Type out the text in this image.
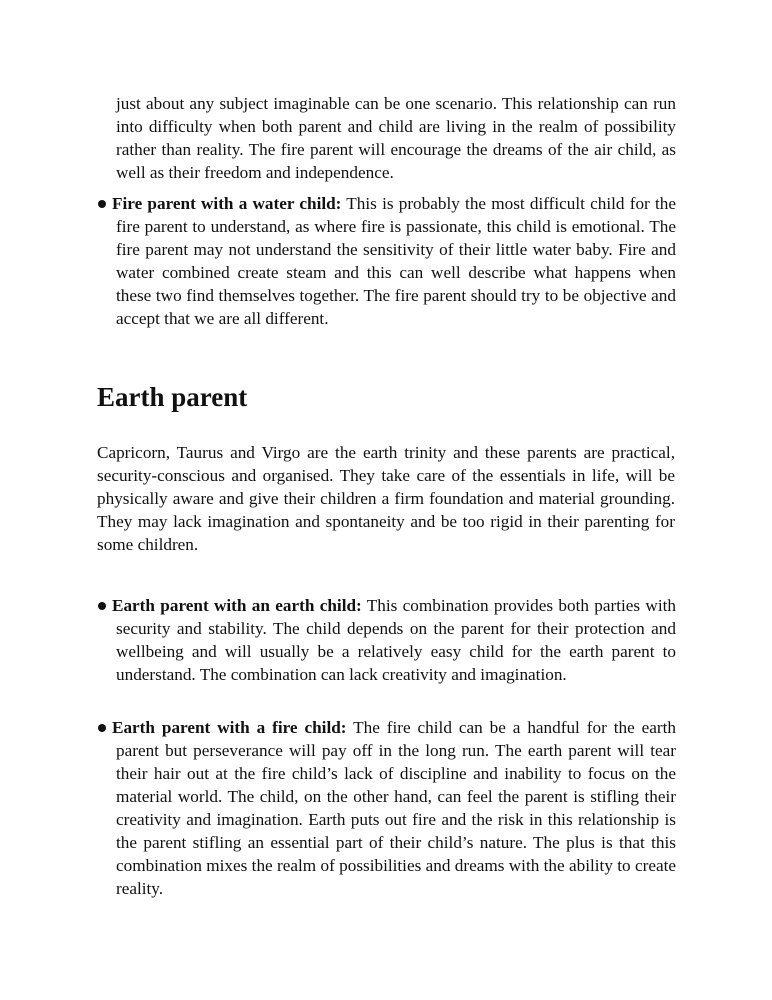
just about any subject imaginable can be one scenario. This relationship can run into difficulty when both parent and child are living in the realm of possibility rather than reality. The fire parent will encourage the dreams of the air child, as well as their freedom and independence.

Fire parent with a water child: This is probably the most difficult child for the fire parent to understand, as where fire is passionate, this child is emotional. The fire parent may not understand the sensitivity of their little water baby. Fire and water combined create steam and this can well describe what happens when these two find themselves together. The fire parent should try to be objective and accept that we are all different.

Earth parent

Capricorn, Taurus and Virgo are the earth trinity and these parents are practical, security-conscious and organised. They take care of the essentials in life, will be physically aware and give their children a firm foundation and material grounding. They may lack imagination and spontaneity and be too rigid in their parenting for some children.

Earth parent with an earth child: This combination provides both parties with security and stability. The child depends on the parent for their protection and wellbeing and will usually be a relatively easy child for the earth parent to understand. The combination can lack creativity and imagination.

Earth parent with a fire child: The fire child can be a handful for the earth parent but perseverance will pay off in the long run. The earth parent will tear their hair out at the fire child’s lack of discipline and inability to focus on the material world. The child, on the other hand, can feel the parent is stifling their creativity and imagination. Earth puts out fire and the risk in this relationship is the parent stifling an essential part of their child’s nature. The plus is that this combination mixes the realm of possibilities and dreams with the ability to create reality.
